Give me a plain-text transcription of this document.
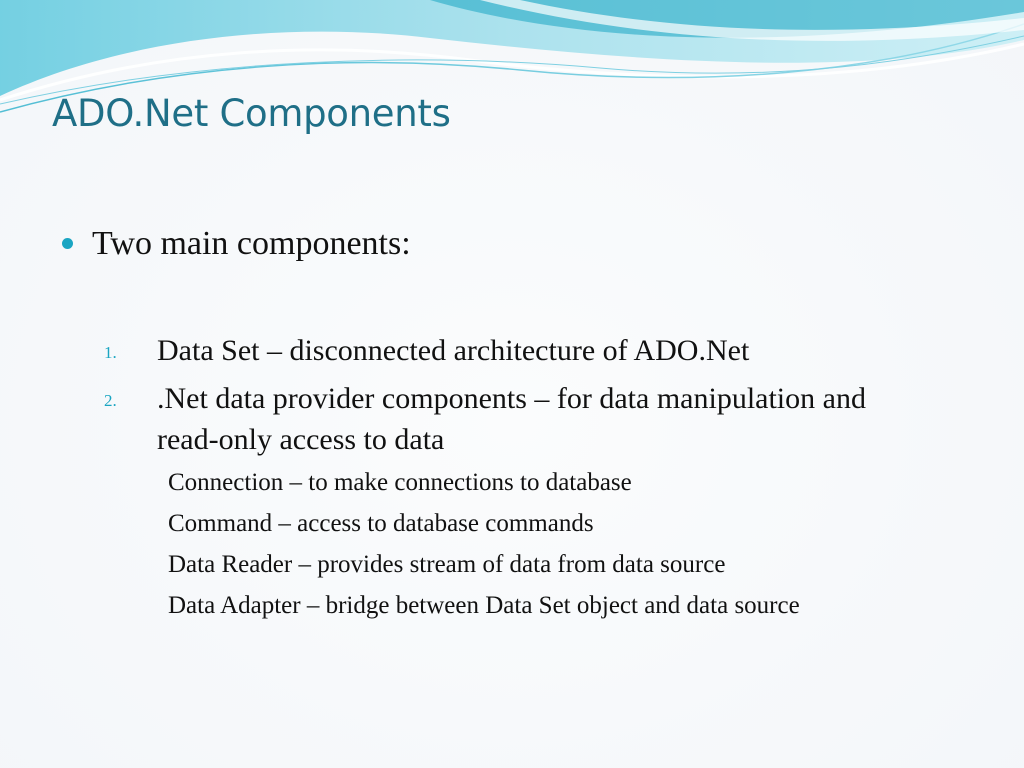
ADO.Net Components
Two main components:
1.	Data Set – disconnected architecture of ADO.Net
2.	.Net data provider components – for data manipulation and read-only access to data
Connection – to make connections to database
Command – access to database commands
Data Reader – provides stream of data from data source
Data Adapter – bridge between Data Set object and data source
